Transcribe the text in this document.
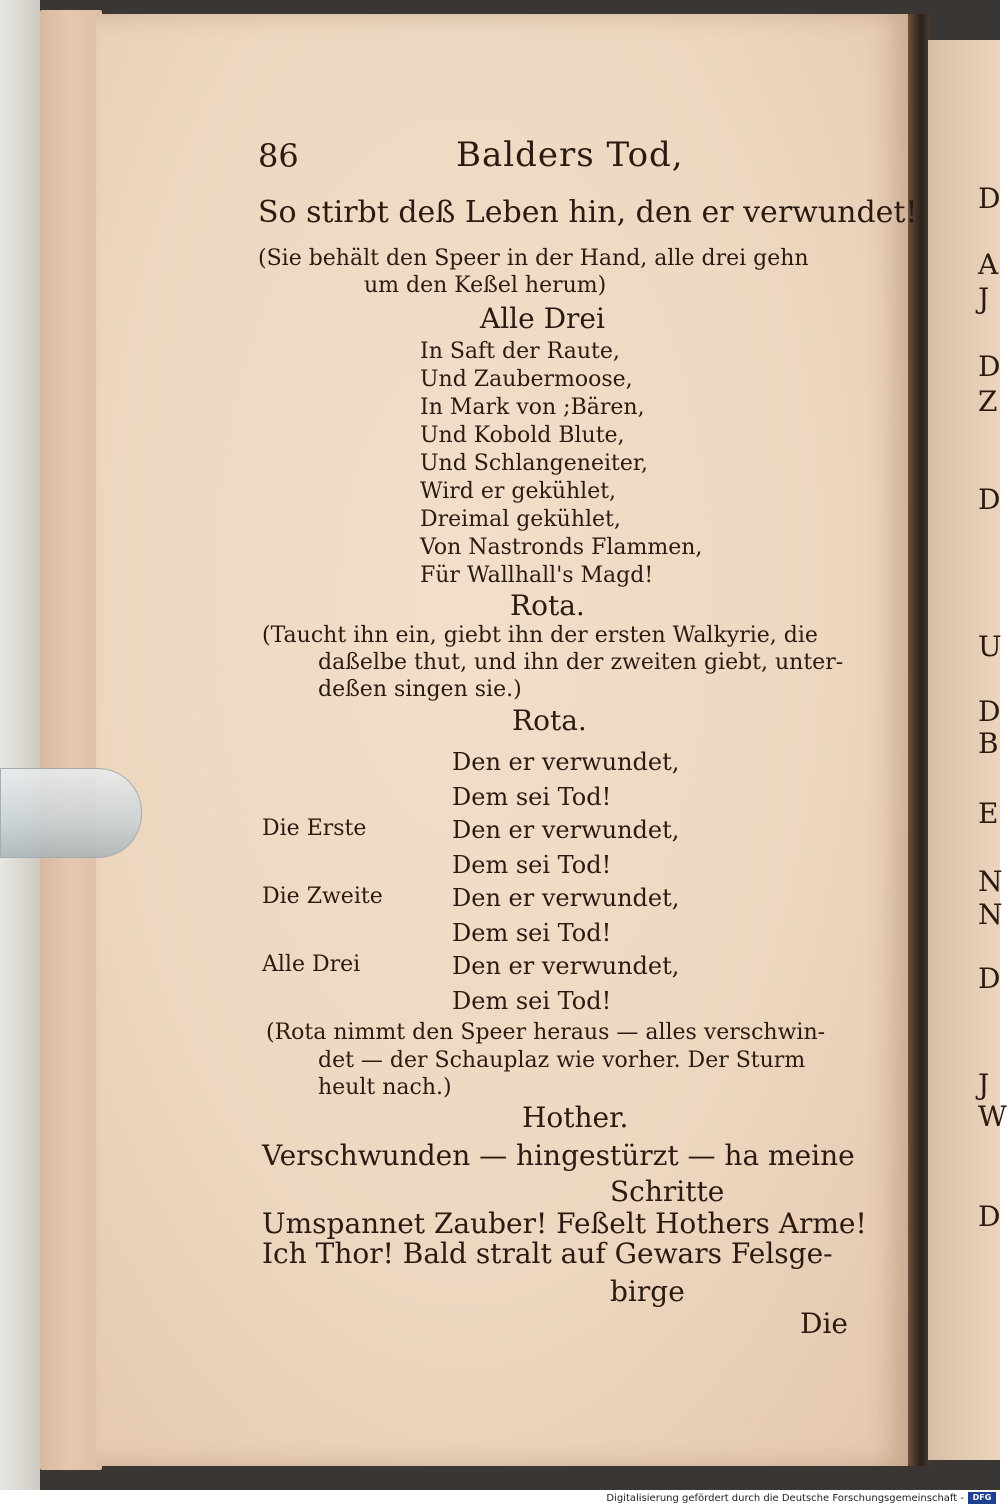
D
A
J
D
Z
D
U
D
B
E
N
N
D
J
W
D
86	Balders Tod,
So stirbt deß Leben hin, den er verwundet!
(Sie behält den Speer in der Hand, alle drei gehn
um den Keßel herum)
Alle Drei
In Saft der Raute,
Und Zaubermoose,
In Mark von ;Bären,
Und Kobold Blute,
Und Schlangeneiter,
Wird er gekühlet,
Dreimal gekühlet,
Von Nastronds Flammen,
Für Wallhall's Magd!
Rota.
(Taucht ihn ein, giebt ihn der ersten Walkyrie, die
daßelbe thut, und ihn der zweiten giebt, unter-
deßen singen sie.)
Rota.
Den er verwundet,
Dem sei Tod!
Die Erste	Den er verwundet,
Dem sei Tod!
Die Zweite	Den er verwundet,
Dem sei Tod!
Alle Drei	Den er verwundet,
Dem sei Tod!
(Rota nimmt den Speer heraus — alles verschwin-
det — der Schauplaz wie vorher. Der Sturm
heult nach.)
Hother.
Verschwunden — hingestürzt — ha meine
Schritte
Umspannet Zauber! Feßelt Hothers Arme!
Ich Thor! Bald stralt auf Gewars Felsge-
birge
Die
Digitalisierung gefördert durch die Deutsche Forschungsgemeinschaft -	DFG
